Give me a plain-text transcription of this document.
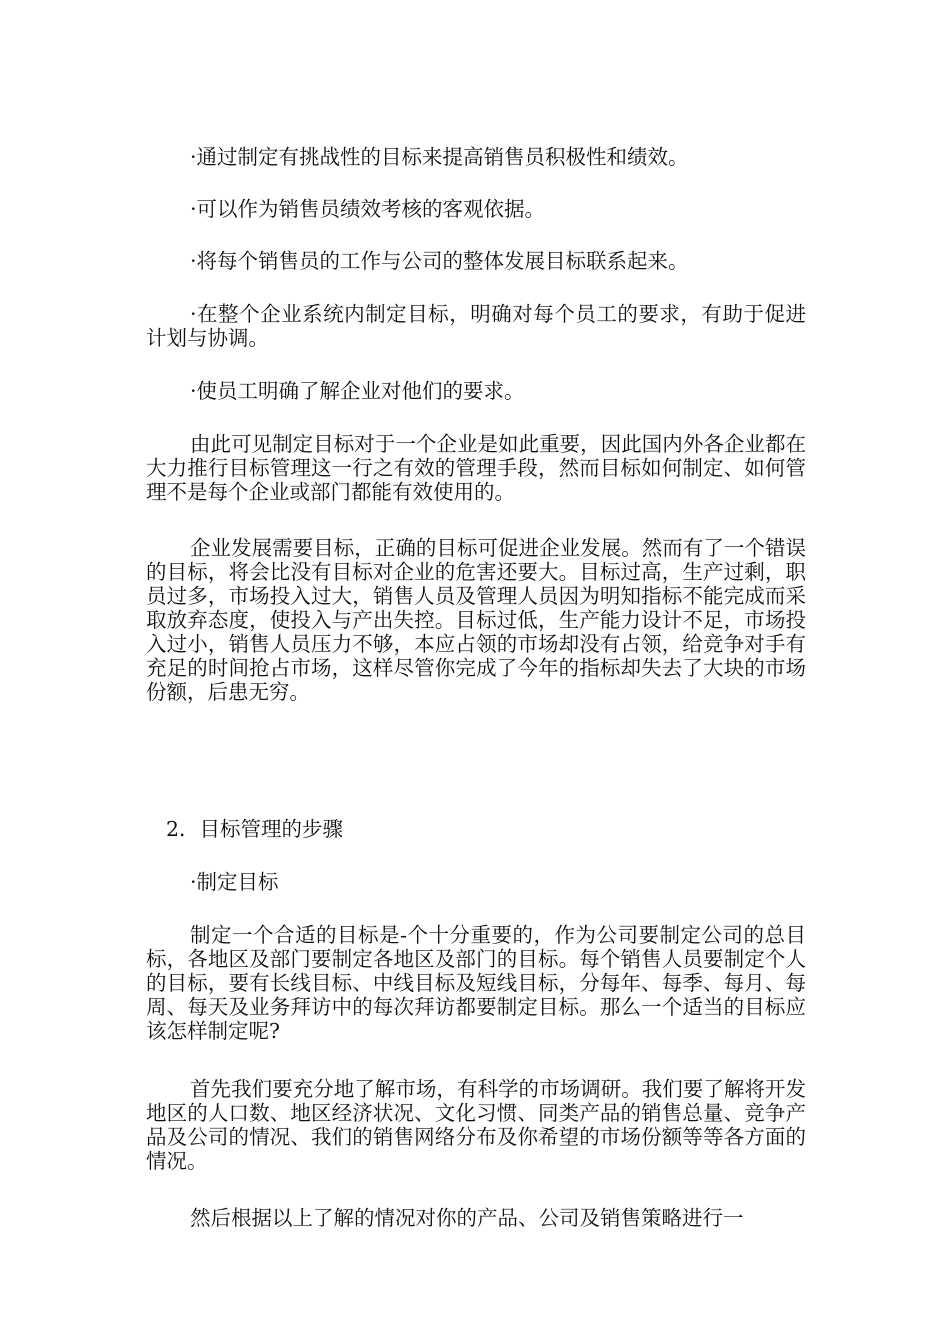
·通过制定有挑战性的目标来提高销售员积极性和绩效。

·可以作为销售员绩效考核的客观依据。

·将每个销售员的工作与公司的整体发展目标联系起来。

·在整个企业系统内制定目标，明确对每个员工的要求，有助于促进计划与协调。

·使员工明确了解企业对他们的要求。

由此可见制定目标对于一个企业是如此重要，因此国内外各企业都在大力推行目标管理这一行之有效的管理手段，然而目标如何制定、如何管理不是每个企业或部门都能有效使用的。

企业发展需要目标，正确的目标可促进企业发展。然而有了一个错误的目标，将会比没有目标对企业的危害还要大。目标过高，生产过剩，职员过多，市场投入过大，销售人员及管理人员因为明知指标不能完成而采取放弃态度，使投入与产出失控。目标过低，生产能力设计不足，市场投入过小，销售人员压力不够，本应占领的市场却没有占领，给竞争对手有充足的时间抢占市场，这样尽管你完成了今年的指标却失去了大块的市场份额，后患无穷。

2．目标管理的步骤

·制定目标

制定一个合适的目标是-个十分重要的，作为公司要制定公司的总目标，各地区及部门要制定各地区及部门的目标。每个销售人员要制定个人的目标，要有长线目标、中线目标及短线目标，分每年、每季、每月、每周、每天及业务拜访中的每次拜访都要制定目标。那么一个适当的目标应该怎样制定呢?

首先我们要充分地了解市场，有科学的市场调研。我们要了解将开发地区的人口数、地区经济状况、文化习惯、同类产品的销售总量、竞争产品及公司的情况、我们的销售网络分布及你希望的市场份额等等各方面的情况。

然后根据以上了解的情况对你的产品、公司及销售策略进行一
